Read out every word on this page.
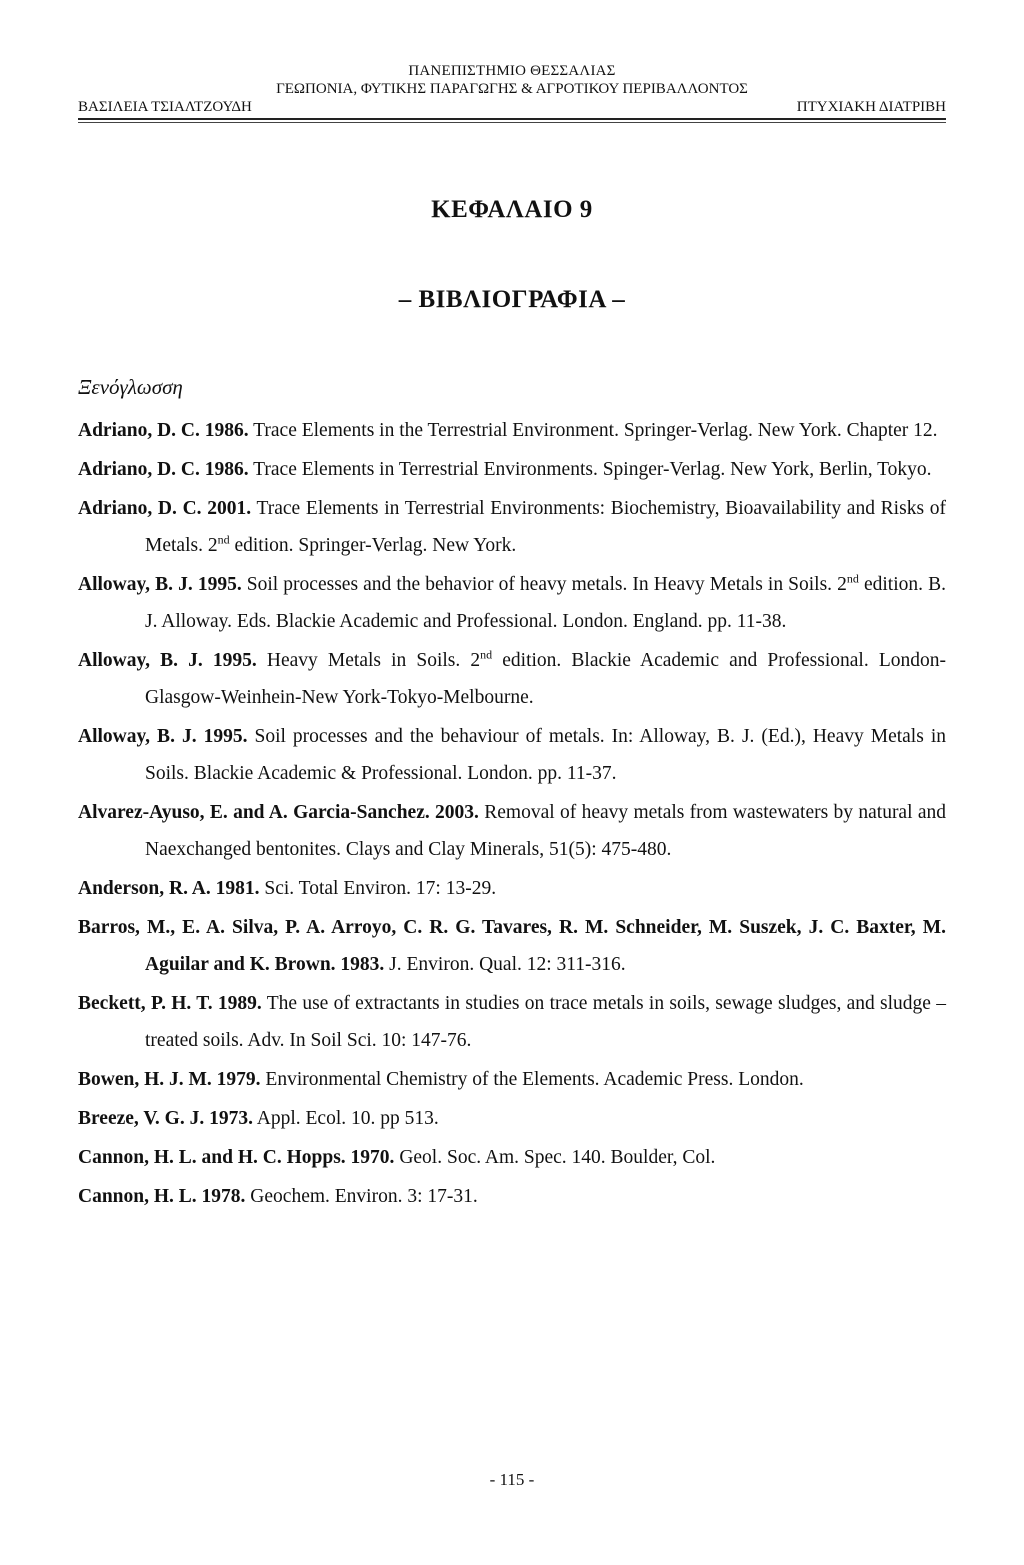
ΠΑΝΕΠΙΣΤΗΜΙΟ ΘΕΣΣΑΛΙΑΣ
ΓΕΩΠΟΝΙΑ, ΦΥΤΙΚΗΣ ΠΑΡΑΓΩΓΗΣ & ΑΓΡΟΤΙΚΟΥ ΠΕΡΙΒΑΛΛΟΝΤΟΣ
ΒΑΣΙΛΕΙΑ ΤΣΙΑΛΤΖΟΥΔΗ	ΠΤΥΧΙΑΚΗ ΔΙΑΤΡΙΒΗ
ΚΕΦΑΛΑΙΟ 9
– ΒΙΒΛΙΟΓΡΑΦΙΑ –
Ξενόγλωσση
Adriano, D. C. 1986. Trace Elements in the Terrestrial Environment. Springer-Verlag. New York. Chapter 12.
Adriano, D. C. 1986. Trace Elements in Terrestrial Environments. Spinger-Verlag. New York, Berlin, Tokyo.
Adriano, D. C. 2001. Trace Elements in Terrestrial Environments: Biochemistry, Bioavailability and Risks of Metals. 2nd edition. Springer-Verlag. New York.
Alloway, B. J. 1995. Soil processes and the behavior of heavy metals. In Heavy Metals in Soils. 2nd edition. B. J. Alloway. Eds. Blackie Academic and Professional. London. England. pp. 11-38.
Alloway, B. J. 1995. Heavy Metals in Soils. 2nd edition. Blackie Academic and Professional. London-Glasgow-Weinhein-New York-Tokyo-Melbourne.
Alloway, B. J. 1995. Soil processes and the behaviour of metals. In: Alloway, B. J. (Ed.), Heavy Metals in Soils. Blackie Academic & Professional. London. pp. 11-37.
Alvarez-Ayuso, E. and A. Garcia-Sanchez. 2003. Removal of heavy metals from wastewaters by natural and Naexchanged bentonites. Clays and Clay Minerals, 51(5): 475-480.
Anderson, R. A. 1981. Sci. Total Environ. 17: 13-29.
Barros, M., E. A. Silva, P. A. Arroyo, C. R. G. Tavares, R. M. Schneider, M. Suszek, J. C. Baxter, M. Aguilar and K. Brown. 1983. J. Environ. Qual. 12: 311-316.
Beckett, P. H. T. 1989. The use of extractants in studies on trace metals in soils, sewage sludges, and sludge – treated soils. Adv. In Soil Sci. 10: 147-76.
Bowen, H. J. M. 1979. Environmental Chemistry of the Elements. Academic Press. London.
Breeze, V. G. J. 1973. Appl. Ecol. 10. pp 513.
Cannon, H. L. and H. C. Hopps. 1970. Geol. Soc. Am. Spec. 140. Boulder, Col.
Cannon, H. L. 1978. Geochem. Environ. 3: 17-31.
- 115 -
